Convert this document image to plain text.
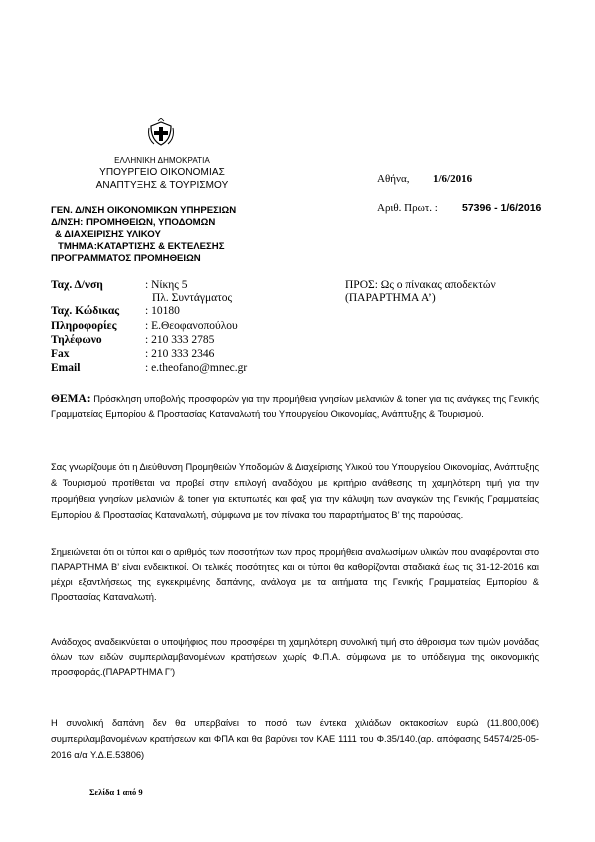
ΕΛΛΗΝΙΚΗ ΔΗΜΟΚΡΑΤΙΑ
ΥΠΟΥΡΓΕΙΟ ΟΙΚΟΝΟΜΙΑΣ
ΑΝΑΠΤΥΞΗΣ & ΤΟΥΡΙΣΜΟΥ
ΓΕΝ. Δ/ΝΣΗ ΟΙΚΟΝΟΜΙΚΩΝ ΥΠΗΡΕΣΙΩΝ
Δ/ΝΣΗ: ΠΡΟΜΗΘΕΙΩΝ, ΥΠΟΔΟΜΩΝ
& ΔΙΑΧΕΙΡΙΣΗΣ ΥΛΙΚΟΥ
ΤΜΗΜΑ:ΚΑΤΑΡΤΙΣΗΣ & ΕΚΤΕΛΕΣΗΣ
ΠΡΟΓΡΑΜΜΑΤΟΣ ΠΡΟΜΗΘΕΙΩΝ
Αθήνα, 1/6/2016
Αριθ. Πρωτ. : 57396 - 1/6/2016
Ταχ. Δ/νση	: Νίκης 5
Πλ. Συντάγματος
Ταχ. Κώδικας : 10180
Πληροφορίες : Ε.Θεοφανοπούλου
Τηλέφωνο	: 210 333 2785
Fax	: 210 333 2346
Email	: e.theofano@mnec.gr
ΠΡΟΣ: Ως ο πίνακας αποδεκτών
(ΠΑΡΑΡΤΗΜΑ Α’)
ΘΕΜΑ: Πρόσκληση υποβολής προσφορών για την προμήθεια γνησίων μελανιών & toner για τις ανάγκες της Γενικής Γραμματείας Εμπορίου & Προστασίας Καταναλωτή του Υπουργείου Οικονομίας, Ανάπτυξης & Τουρισμού.
Σας γνωρίζουμε ότι η Διεύθυνση Προμηθειών Υποδομών & Διαχείρισης Υλικού του Υπουργείου Οικονομίας, Ανάπτυξης & Τουρισμού προτίθεται να προβεί στην επιλογή αναδόχου με κριτήριο ανάθεσης τη χαμηλότερη τιμή για την προμήθεια γνησίων μελανιών & toner για εκτυπωτές και φαξ για την κάλυψη των αναγκών της Γενικής Γραμματείας Εμπορίου & Προστασίας Καταναλωτή, σύμφωνα με τον πίνακα του παραρτήματος Β’ της παρούσας.
Σημειώνεται ότι οι τύποι και ο αριθμός των ποσοτήτων των προς προμήθεια αναλωσίμων υλικών που αναφέρονται στο ΠΑΡΑΡΤΗΜΑ Β’ είναι ενδεικτικοί. Οι τελικές ποσότητες και οι τύποι θα καθορίζονται σταδιακά έως τις 31-12-2016 και μέχρι εξαντλήσεως της εγκεκριμένης δαπάνης, ανάλογα με τα αιτήματα της Γενικής Γραμματείας Εμπορίου & Προστασίας Καταναλωτή.
Ανάδοχος αναδεικνύεται ο υποψήφιος που προσφέρει τη χαμηλότερη συνολική τιμή στο άθροισμα των τιμών μονάδας όλων των ειδών συμπεριλαμβανομένων κρατήσεων χωρίς Φ.Π.Α. σύμφωνα με το υπόδειγμα της οικονομικής προσφοράς.(ΠΑΡΑΡΤΗΜΑ Γ’)
Η συνολική δαπάνη δεν θα υπερβαίνει το ποσό των έντεκα χιλιάδων οκτακοσίων ευρώ (11.800,00€) συμπεριλαμβανομένων κρατήσεων και ΦΠΑ και θα βαρύνει τον ΚΑΕ 1111 του Φ.35/140.(αρ. απόφασης 54574/25-05-2016 α/α Υ.Δ.Ε.53806)
Σελίδα 1 από 9
